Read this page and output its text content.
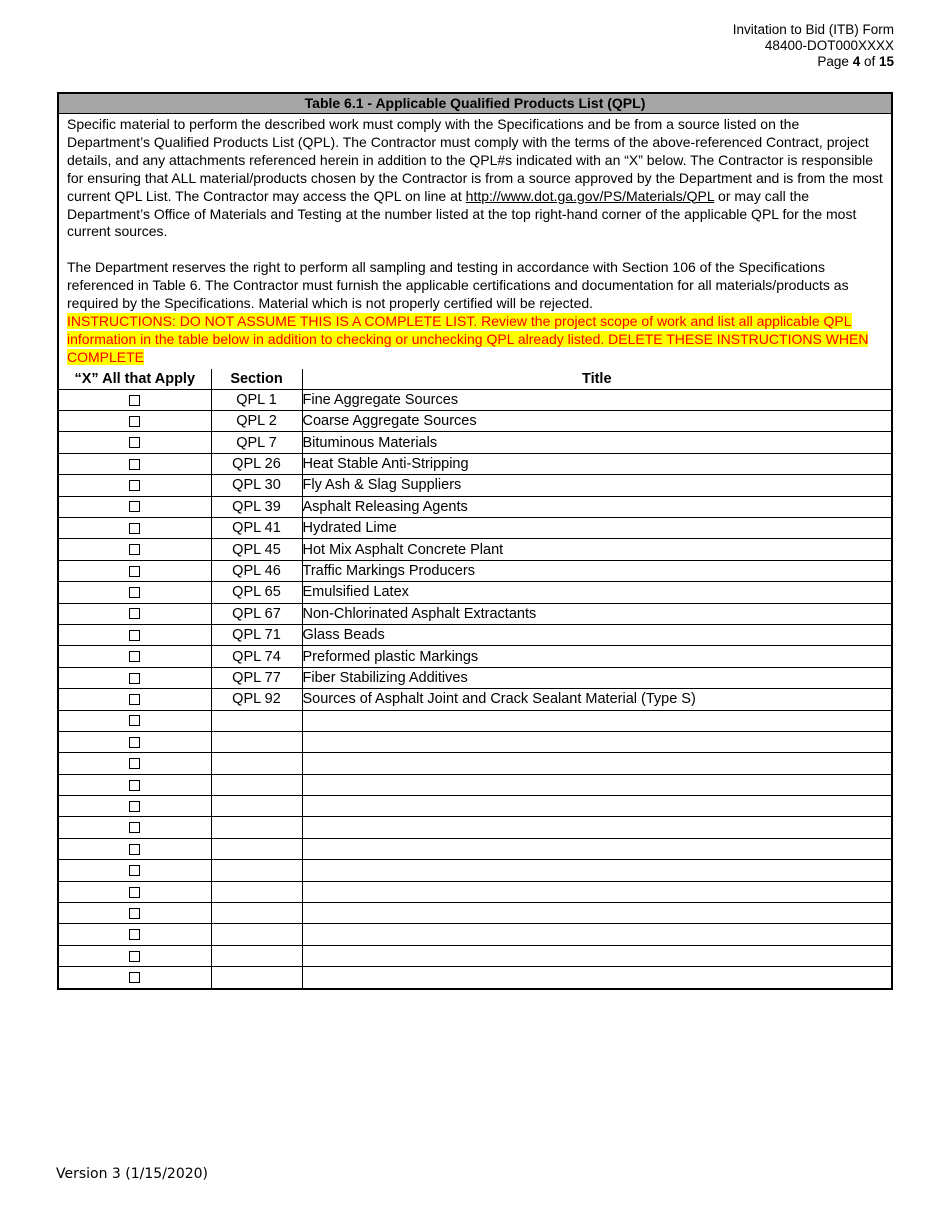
Invitation to Bid (ITB) Form
48400-DOT000XXXX
Page 4 of 15
Table 6.1 - Applicable Qualified Products List (QPL)

Specific material to perform the described work must comply with the Specifications and be from a source listed on the Department’s Qualified Products List (QPL). The Contractor must comply with the terms of the above-referenced Contract, project details, and any attachments referenced herein in addition to the QPL#s indicated with an “X” below. The Contractor is responsible for ensuring that ALL material/products chosen by the Contractor is from a source approved by the Department and is from the most current QPL List. The Contractor may access the QPL on line at http://www.dot.ga.gov/PS/Materials/QPL or may call the Department’s Office of Materials and Testing at the number listed at the top right-hand corner of the applicable QPL for the most current sources.

The Department reserves the right to perform all sampling and testing in accordance with Section 106 of the Specifications referenced in Table 6. The Contractor must furnish the applicable certifications and documentation for all materials/products as required by the Specifications. Material which is not properly certified will be rejected.
INSTRUCTIONS: DO NOT ASSUME THIS IS A COMPLETE LIST. Review the project scope of work and list all applicable QPL information in the table below in addition to checking or unchecking QPL already listed. DELETE THESE INSTRUCTIONS WHEN COMPLETE

“X” All that Apply	Section	Title
	QPL 1	Fine Aggregate Sources
	QPL 2	Coarse Aggregate Sources
	QPL 7	Bituminous Materials
	QPL 26	Heat Stable Anti-Stripping
	QPL 30	Fly Ash & Slag Suppliers
	QPL 39	Asphalt Releasing Agents
	QPL 41	Hydrated Lime
	QPL 45	Hot Mix Asphalt Concrete Plant
	QPL 46	Traffic Markings Producers
	QPL 65	Emulsified Latex
	QPL 67	Non-Chlorinated Asphalt Extractants
	QPL 71	Glass Beads
	QPL 74	Preformed plastic Markings
	QPL 77	Fiber Stabilizing Additives
	QPL 92	Sources of Asphalt Joint and Crack Sealant Material (Type S)

Version 3 (1/15/2020)
